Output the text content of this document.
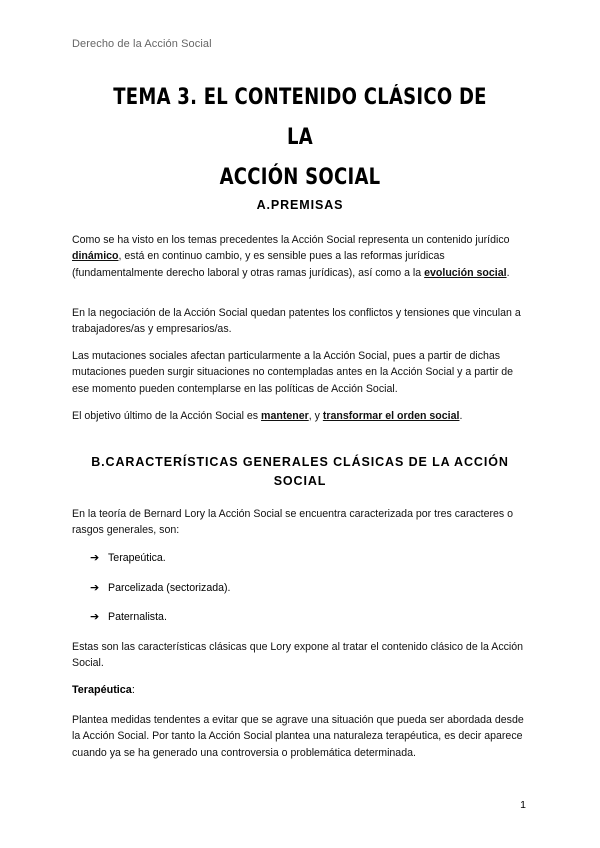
Derecho de la Acción Social
TEMA 3. EL CONTENIDO CLÁSICO DE LA
ACCIÓN SOCIAL
A.PREMISAS
Como se ha visto en los temas precedentes la Acción Social representa un contenido jurídico dinámico, está en continuo cambio, y es sensible pues a las reformas jurídicas (fundamentalmente derecho laboral y otras ramas jurídicas), así como a la evolución social.
En la negociación de la Acción Social quedan patentes los conflictos y tensiones que vinculan a trabajadores/as y empresarios/as.
Las mutaciones sociales afectan particularmente a la Acción Social, pues a partir de dichas mutaciones pueden surgir situaciones no contempladas antes en la Acción Social y a partir de ese momento pueden contemplarse en las políticas de Acción Social.
El objetivo último de la Acción Social es mantener, y transformar el orden social.
B.CARACTERÍSTICAS GENERALES CLÁSICAS DE LA ACCIÓN
SOCIAL
En la teoría de Bernard Lory la Acción Social se encuentra caracterizada por tres caracteres o rasgos generales, son:
➔ Terapeútica.
➔ Parcelizada (sectorizada).
➔ Paternalista.
Estas son las características clásicas que Lory expone al tratar el contenido clásico de la Acción Social.
Terapéutica:
Plantea medidas tendentes a evitar que se agrave una situación que pueda ser abordada desde la Acción Social. Por tanto la Acción Social plantea una naturaleza terapéutica, es decir aparece cuando ya se ha generado una controversia o problemática determinada.
1
